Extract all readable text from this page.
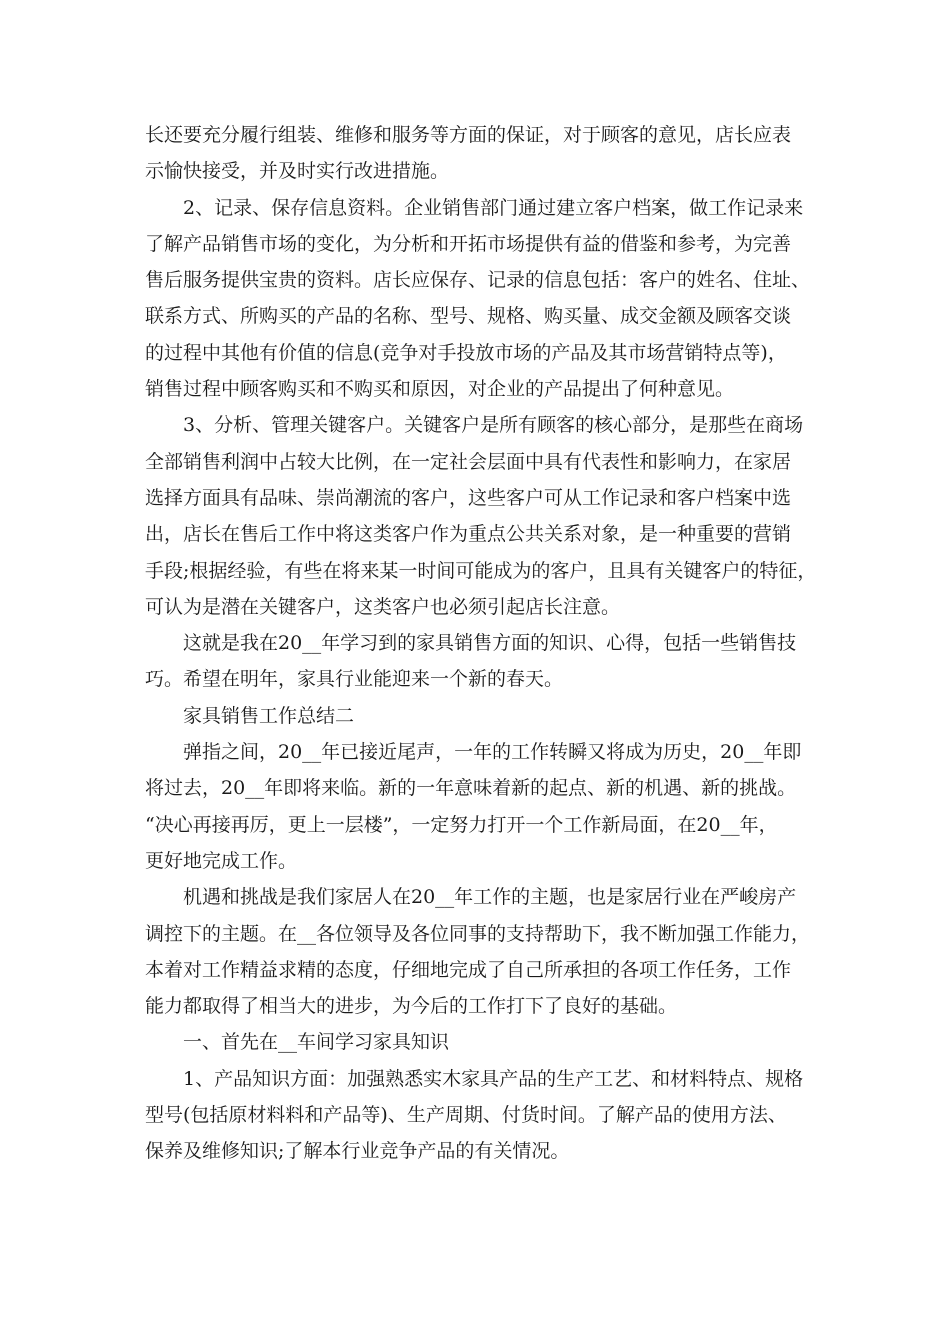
长还要充分履行组装、维修和服务等方面的保证，对于顾客的意见，店长应表
示愉快接受，并及时实行改进措施。
2、记录、保存信息资料。企业销售部门通过建立客户档案，做工作记录来
了解产品销售市场的变化，为分析和开拓市场提供有益的借鉴和参考，为完善
售后服务提供宝贵的资料。店长应保存、记录的信息包括：客户的姓名、住址、
联系方式、所购买的产品的名称、型号、规格、购买量、成交金额及顾客交谈
的过程中其他有价值的信息(竞争对手投放市场的产品及其市场营销特点等)，
销售过程中顾客购买和不购买和原因，对企业的产品提出了何种意见。
3、分析、管理关键客户。关键客户是所有顾客的核心部分，是那些在商场
全部销售利润中占较大比例，在一定社会层面中具有代表性和影响力，在家居
选择方面具有品味、崇尚潮流的客户，这些客户可从工作记录和客户档案中选
出，店长在售后工作中将这类客户作为重点公共关系对象，是一种重要的营销
手段;根据经验，有些在将来某一时间可能成为的客户，且具有关键客户的特征，
可认为是潜在关键客户，这类客户也必须引起店长注意。
这就是我在20__年学习到的家具销售方面的知识、心得，包括一些销售技
巧。希望在明年，家具行业能迎来一个新的春天。
家具销售工作总结二
弹指之间，20__年已接近尾声，一年的工作转瞬又将成为历史，20__年即
将过去，20__年即将来临。新的一年意味着新的起点、新的机遇、新的挑战。
“决心再接再厉，更上一层楼”，一定努力打开一个工作新局面，在20__年，
更好地完成工作。
机遇和挑战是我们家居人在20__年工作的主题，也是家居行业在严峻房产
调控下的主题。在__各位领导及各位同事的支持帮助下，我不断加强工作能力，
本着对工作精益求精的态度，仔细地完成了自己所承担的各项工作任务，工作
能力都取得了相当大的进步，为今后的工作打下了良好的基础。
一、首先在__车间学习家具知识
1、产品知识方面：加强熟悉实木家具产品的生产工艺、和材料特点、规格
型号(包括原材料料和产品等)、生产周期、付货时间。了解产品的使用方法、
保养及维修知识;了解本行业竞争产品的有关情况。
